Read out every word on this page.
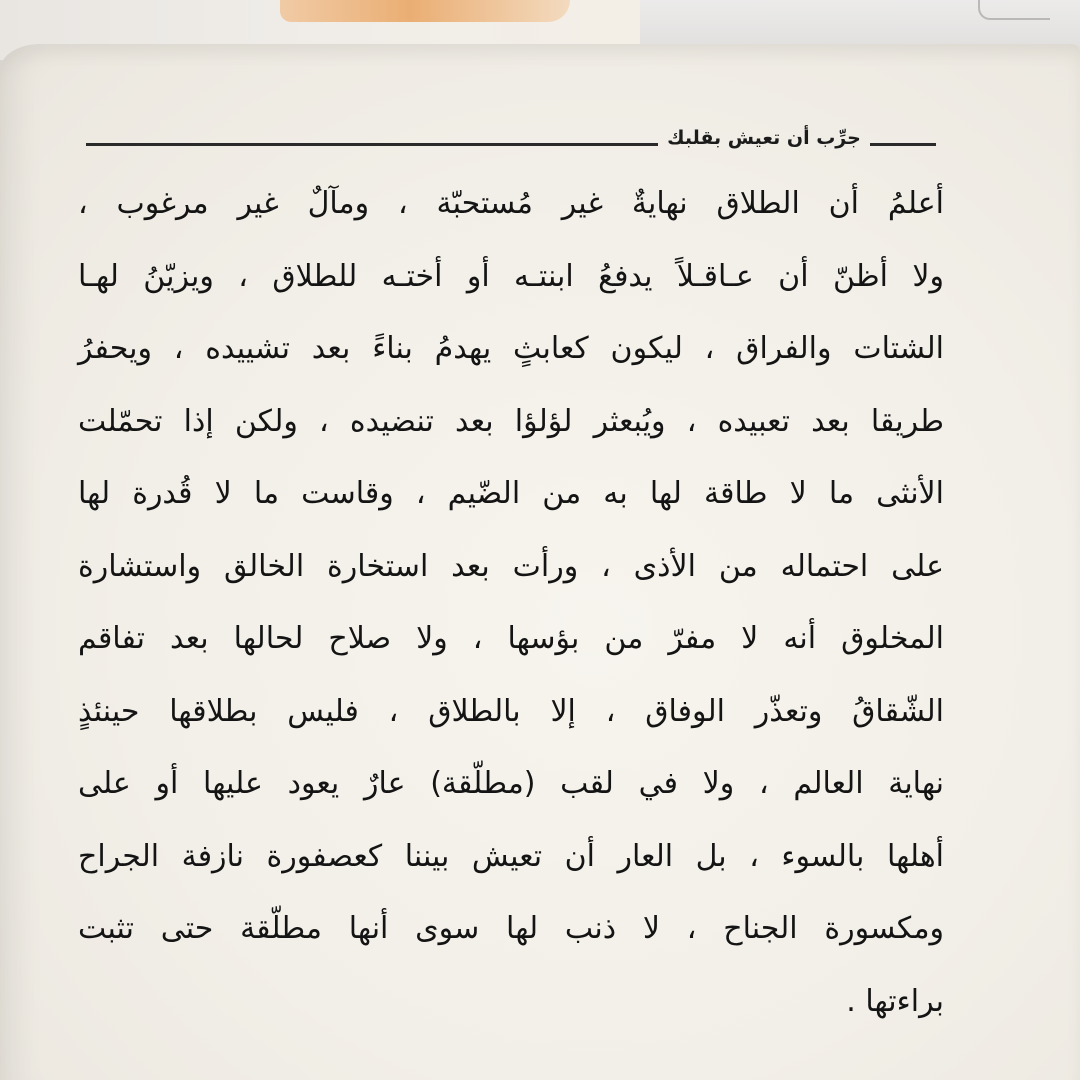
جرِّب أن تعيش بقلبك
أعلمُ أن الطلاق نهايةٌ غير مُستحبّة ، ومآلٌ غير مرغوب ،
ولا أظنّ أن عـاقـلاً يدفعُ ابنتـه أو أختـه للطلاق ، ويزيّنُ لهـا
الشتات والفراق ، ليكون كعابثٍ يهدمُ بناءً بعد تشييده ، ويحفرُ
طريقا بعد تعبيده ، ويُبعثر لؤلؤا بعد تنضيده ، ولكن إذا تحمّلت
الأنثى ما لا طاقة لها به من الضّيم ، وقاست ما لا قُدرة لها
على احتماله من الأذى ، ورأت بعد استخارة الخالق واستشارة
المخلوق أنه لا مفرّ من بؤسها ، ولا صلاح لحالها بعد تفاقم
الشّقاقُ وتعذّر الوفاق ، إلا بالطلاق ، فليس بطلاقها حينئذٍ
نهاية العالم ، ولا في لقب (مطلّقة) عارٌ يعود عليها أو على
أهلها بالسوء ، بل العار أن تعيش بيننا كعصفورة نازفة الجراح
ومكسورة الجناح ، لا ذنب لها سوى أنها مطلّقة حتى تثبت
براءتها .
